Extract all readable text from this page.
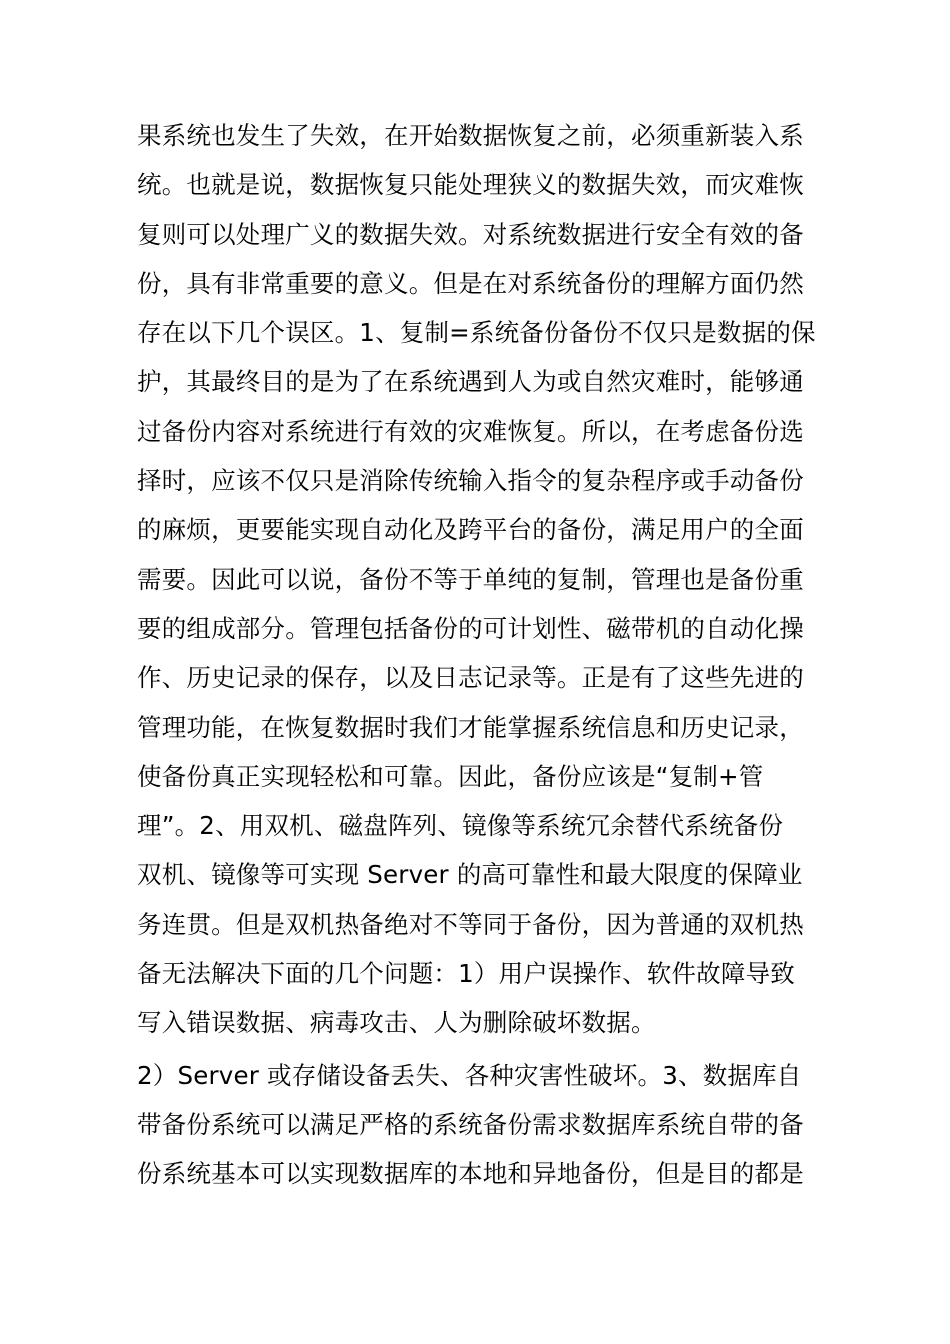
果系统也发生了失效，在开始数据恢复之前，必须重新装入系
统。也就是说，数据恢复只能处理狭义的数据失效，而灾难恢
复则可以处理广义的数据失效。对系统数据进行安全有效的备
份，具有非常重要的意义。但是在对系统备份的理解方面仍然
存在以下几个误区。1、复制=系统备份备份不仅只是数据的保
护，其最终目的是为了在系统遇到人为或自然灾难时，能够通
过备份内容对系统进行有效的灾难恢复。所以，在考虑备份选
择时，应该不仅只是消除传统输入指令的复杂程序或手动备份
的麻烦，更要能实现自动化及跨平台的备份，满足用户的全面
需要。因此可以说，备份不等于单纯的复制，管理也是备份重
要的组成部分。管理包括备份的可计划性、磁带机的自动化操
作、历史记录的保存，以及日志记录等。正是有了这些先进的
管理功能，在恢复数据时我们才能掌握系统信息和历史记录，
使备份真正实现轻松和可靠。因此，备份应该是“复制+管
理”。2、用双机、磁盘阵列、镜像等系统冗余替代系统备份
双机、镜像等可实现 Server 的高可靠性和最大限度的保障业
务连贯。但是双机热备绝对不等同于备份，因为普通的双机热
备无法解决下面的几个问题：1）用户误操作、软件故障导致
写入错误数据、病毒攻击、人为删除破坏数据。
2）Server 或存储设备丢失、各种灾害性破坏。3、数据库自
带备份系统可以满足严格的系统备份需求数据库系统自带的备
份系统基本可以实现数据库的本地和异地备份，但是目的都是
